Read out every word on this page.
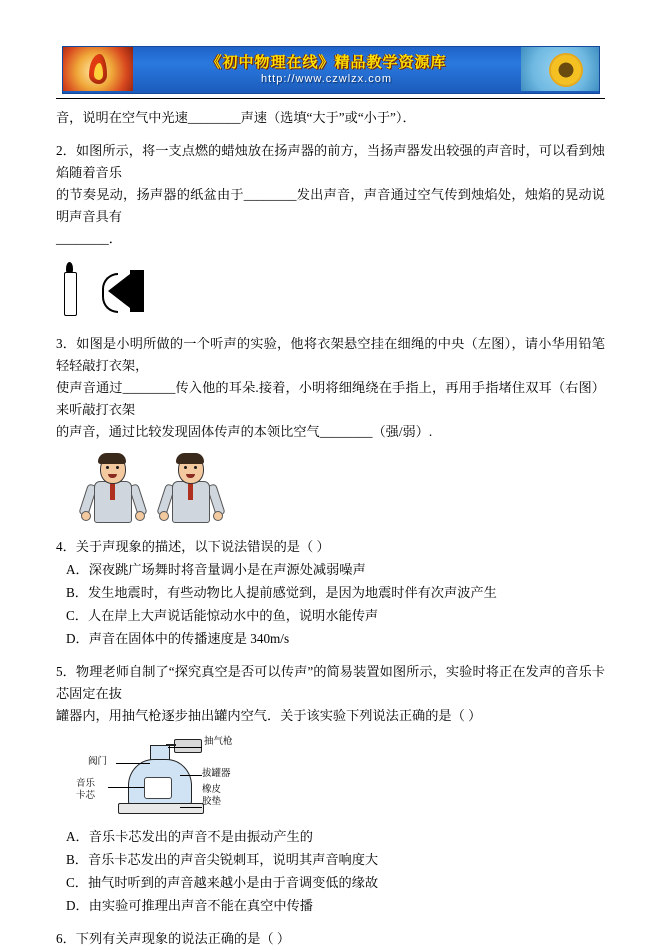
《初中物理在线》精品教学资源库
http://www.czwlzx.com
音，说明在空气中光速________声速（选填“大于”或“小于”）．
2．如图所示，将一支点燃的蜡烛放在扬声器的前方，当扬声器发出较强的声音时，可以看到烛焰随着音乐
的节奏晃动，扬声器的纸盆由于________发出声音，声音通过空气传到烛焰处，烛焰的晃动说明声音具有
________．
3．如图是小明所做的一个听声的实验，他将衣架悬空挂在细绳的中央（左图），请小华用铅笔轻轻敲打衣架，
使声音通过________传入他的耳朵.接着，小明将细绳绕在手指上，再用手指堵住双耳（右图）来听敲打衣架
的声音，通过比较发现固体传声的本领比空气________（强/弱）.
4．关于声现象的描述，以下说法错误的是（ ）
A．深夜跳广场舞时将音量调小是在声源处减弱噪声
B．发生地震时，有些动物比人提前感觉到，是因为地震时伴有次声波产生
C．人在岸上大声说话能惊动水中的鱼，说明水能传声
D．声音在固体中的传播速度是 340m/s
5．物理老师自制了“探究真空是否可以传声”的简易装置如图所示，实验时将正在发声的音乐卡芯固定在抜
罐器内，用抽气枪逐步抽出罐内空气．关于该实验下列说法正确的是（ ）
抽气枪
阀门
拔罐器
音乐
卡芯
橡皮
胶垫
A．音乐卡芯发出的声音不是由振动产生的
B．音乐卡芯发出的声音尖锐刺耳，说明其声音响度大
C．抽气时听到的声音越来越小是由于音调变低的缘故
D．由实验可推理出声音不能在真空中传播
6．下列有关声现象的说法正确的是（ ）
